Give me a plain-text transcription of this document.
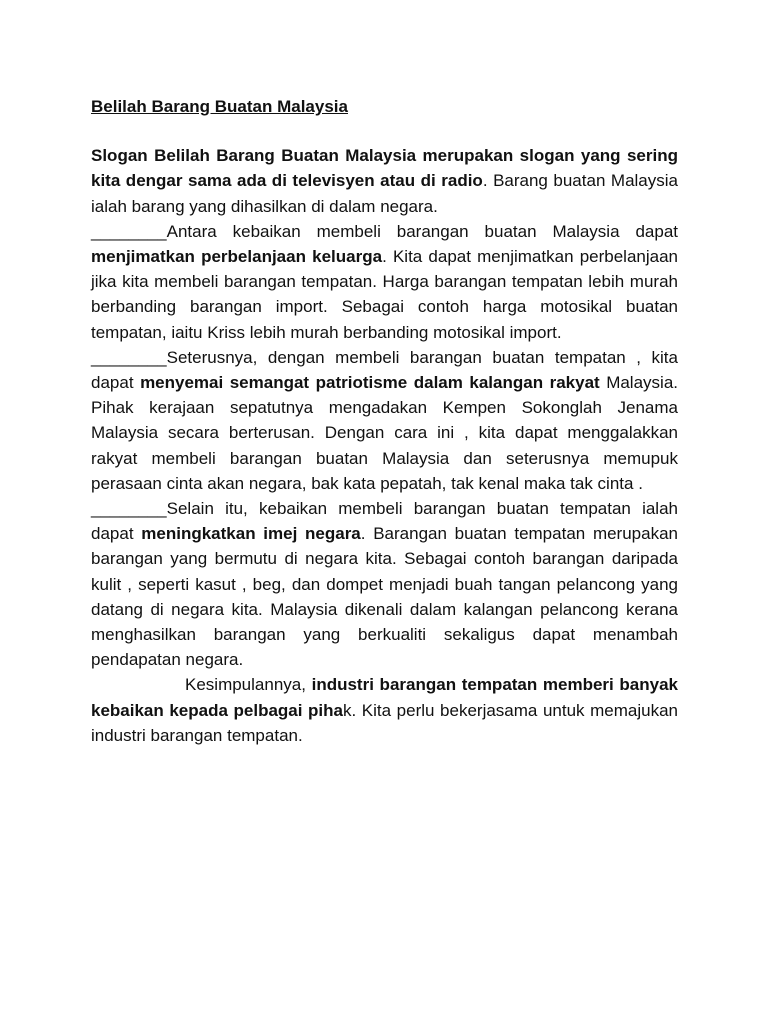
Belilah Barang Buatan Malaysia

Slogan Belilah Barang Buatan Malaysia merupakan slogan yang sering kita dengar sama ada di televisyen atau di radio. Barang buatan Malaysia ialah barang yang dihasilkan di dalam negara.

________Antara kebaikan membeli barangan buatan Malaysia dapat menjimatkan perbelanjaan keluarga. Kita dapat menjimatkan perbelanjaan jika kita membeli barangan tempatan. Harga barangan tempatan lebih murah berbanding barangan import. Sebagai contoh harga motosikal buatan tempatan, iaitu Kriss lebih murah berbanding motosikal import.

________Seterusnya, dengan membeli barangan buatan tempatan , kita dapat menyemai semangat patriotisme dalam kalangan rakyat Malaysia. Pihak kerajaan sepatutnya mengadakan Kempen Sokonglah Jenama Malaysia secara berterusan. Dengan cara ini , kita dapat menggalakkan rakyat membeli barangan buatan Malaysia dan seterusnya memupuk perasaan cinta akan negara, bak kata pepatah, tak kenal maka tak cinta .

________Selain itu, kebaikan membeli barangan buatan tempatan ialah dapat meningkatkan imej negara. Barangan buatan tempatan merupakan barangan yang bermutu di negara kita. Sebagai contoh barangan daripada kulit , seperti kasut , beg, dan dompet menjadi buah tangan pelancong yang datang di negara kita. Malaysia dikenali dalam kalangan pelancong kerana menghasilkan barangan yang berkualiti sekaligus dapat menambah pendapatan negara.

Kesimpulannya, industri barangan tempatan memberi banyak kebaikan kepada pelbagai pihak. Kita perlu bekerjasama untuk memajukan industri barangan tempatan.
